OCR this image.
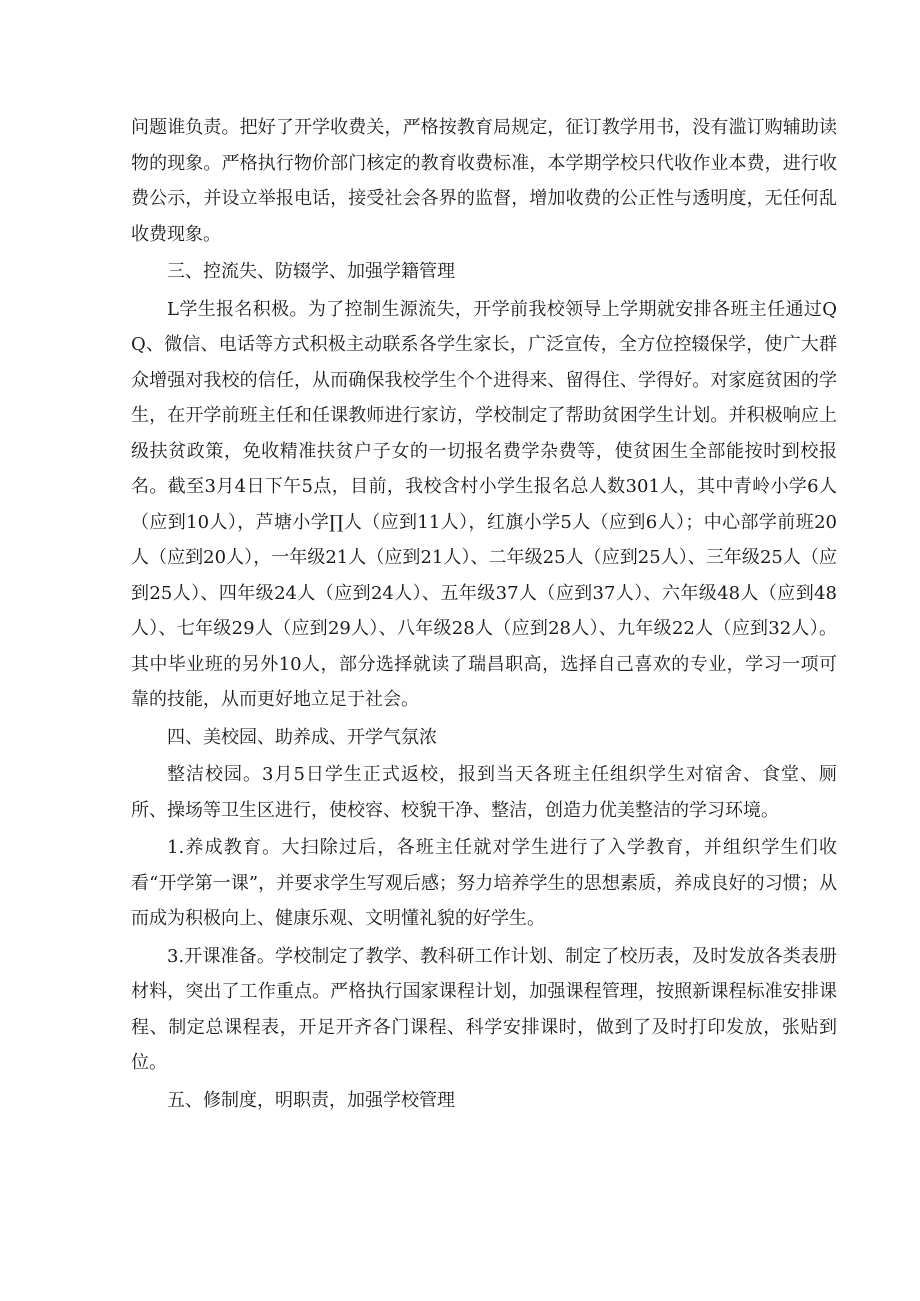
问题谁负责。把好了开学收费关，严格按教育局规定，征订教学用书，没有滥订购辅助读物的现象。严格执行物价部门核定的教育收费标准，本学期学校只代收作业本费，进行收费公示，并设立举报电话，接受社会各界的监督，增加收费的公正性与透明度，无任何乱收费现象。

三、控流失、防辍学、加强学籍管理

L学生报名积极。为了控制生源流失，开学前我校领导上学期就安排各班主任通过QQ、微信、电话等方式积极主动联系各学生家长，广泛宣传，全方位控辍保学，使广大群众增强对我校的信任，从而确保我校学生个个进得来、留得住、学得好。对家庭贫困的学生，在开学前班主任和任课教师进行家访，学校制定了帮助贫困学生计划。并积极响应上级扶贫政策，免收精准扶贫户子女的一切报名费学杂费等，使贫困生全部能按时到校报名。截至3月4日下午5点，目前，我校含村小学生报名总人数301人，其中青岭小学6人（应到10人），芦塘小学∏人（应到11人），红旗小学5人（应到6人）；中心部学前班20人（应到20人），一年级21人（应到21人）、二年级25人（应到25人）、三年级25人（应到25人）、四年级24人（应到24人）、五年级37人（应到37人）、六年级48人（应到48人）、七年级29人（应到29人）、八年级28人（应到28人）、九年级22人（应到32人）。其中毕业班的另外10人，部分选择就读了瑞昌职高，选择自己喜欢的专业，学习一项可靠的技能，从而更好地立足于社会。

四、美校园、助养成、开学气氛浓

整洁校园。3月5日学生正式返校，报到当天各班主任组织学生对宿舍、食堂、厕所、操场等卫生区进行，使校容、校貌干净、整洁，创造力优美整洁的学习环境。

1.养成教育。大扫除过后，各班主任就对学生进行了入学教育，并组织学生们收看“开学第一课”，并要求学生写观后感；努力培养学生的思想素质，养成良好的习惯；从而成为积极向上、健康乐观、文明懂礼貌的好学生。

3.开课准备。学校制定了教学、教科研工作计划、制定了校历表，及时发放各类表册材料，突出了工作重点。严格执行国家课程计划，加强课程管理，按照新课程标准安排课程、制定总课程表，开足开齐各门课程、科学安排课时，做到了及时打印发放，张贴到位。

五、修制度，明职责，加强学校管理
